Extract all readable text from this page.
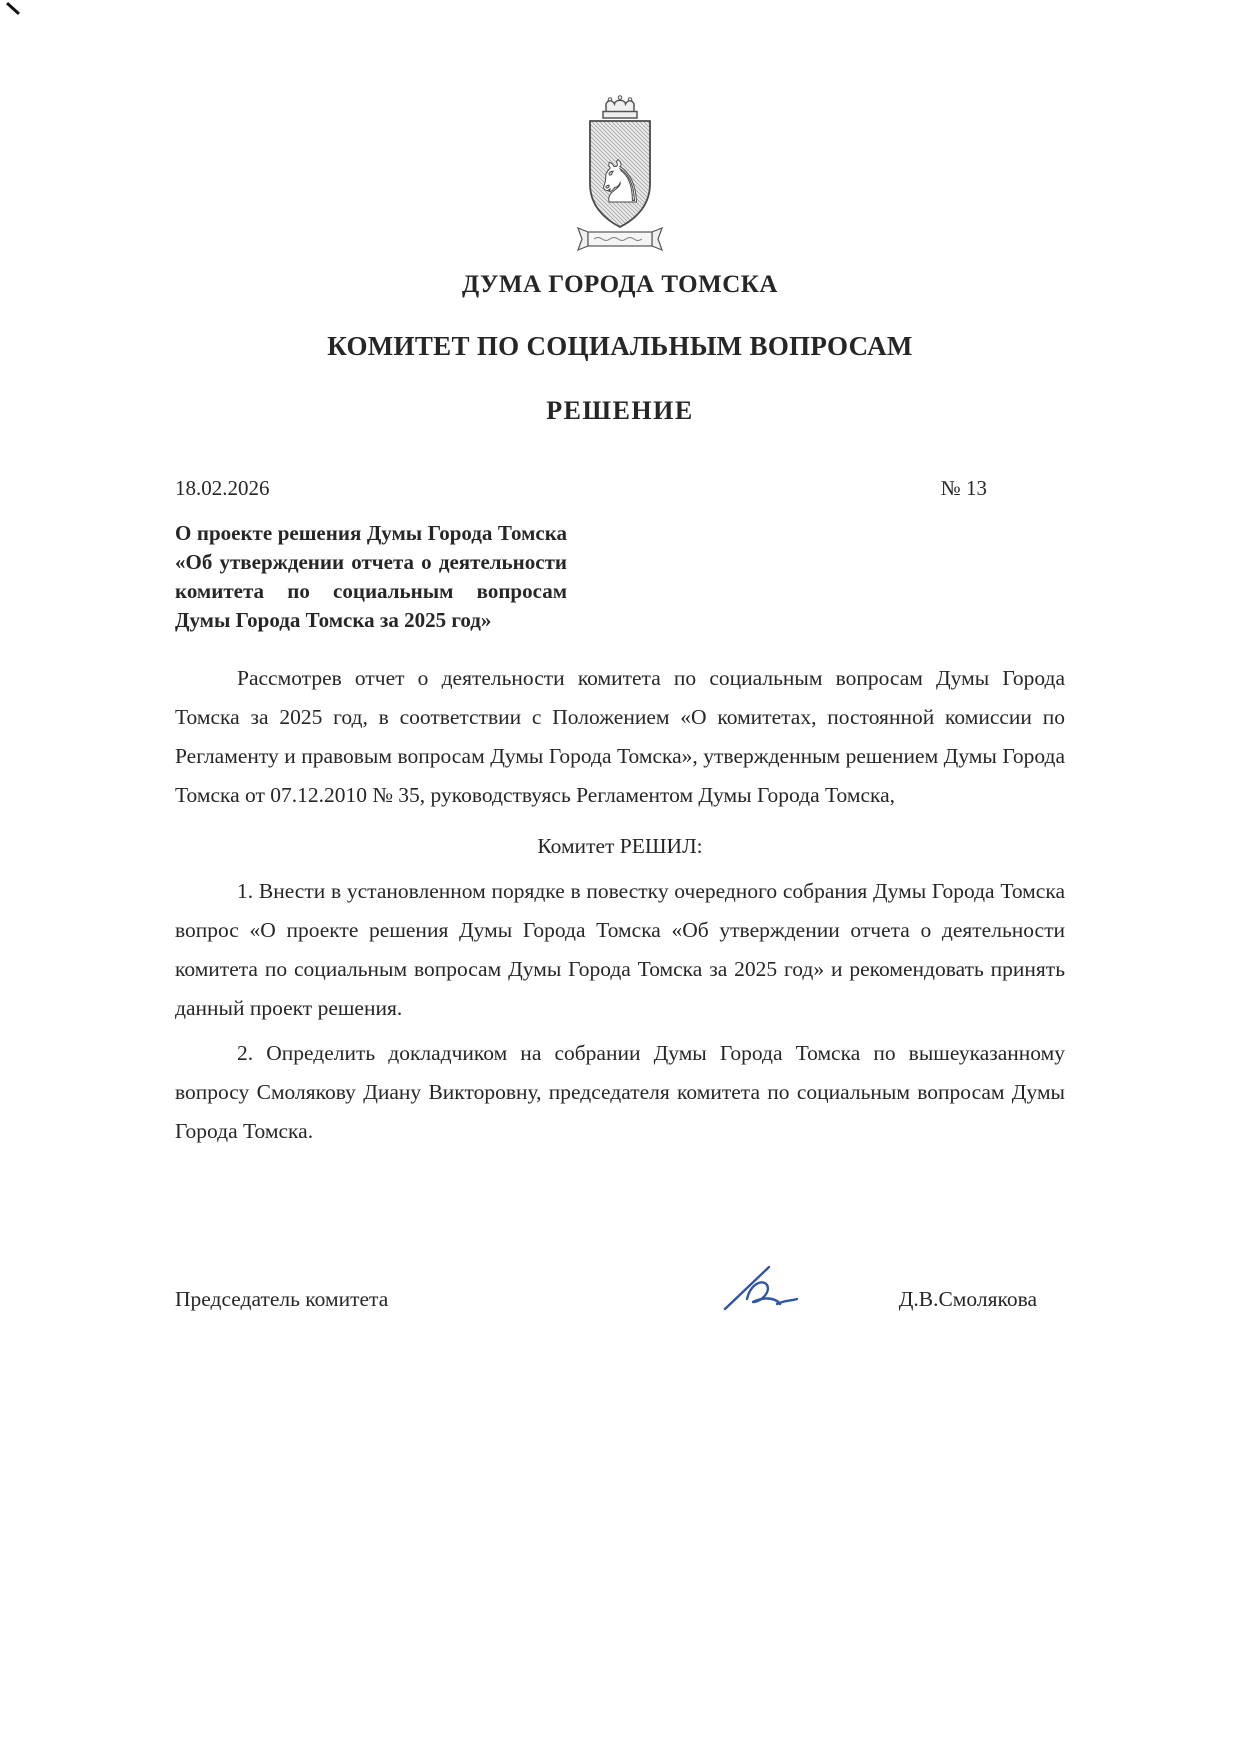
♞
ДУМА ГОРОДА ТОМСКА
КОМИТЕТ ПО СОЦИАЛЬНЫМ ВОПРОСАМ
РЕШЕНИЕ
18.02.2026	№ 13
О проекте решения Думы Города Томска «Об утверждении отчета о деятельности комитета по социальным вопросам Думы Города Томска за 2025 год»

Рассмотрев отчет о деятельности комитета по социальным вопросам Думы Города Томска за 2025 год, в соответствии с Положением «О комитетах, постоянной комиссии по Регламенту и правовым вопросам Думы Города Томска», утвержденным решением Думы Города Томска от 07.12.2010 № 35, руководствуясь Регламентом Думы Города Томска,

Комитет РЕШИЛ:

1. Внести в установленном порядке в повестку очередного собрания Думы Города Томска вопрос «О проекте решения Думы Города Томска «Об утверждении отчета о деятельности комитета по социальным вопросам Думы Города Томска за 2025 год» и рекомендовать принять данный проект решения.

2. Определить докладчиком на собрании Думы Города Томска по вышеуказанному вопросу Смолякову Диану Викторовну, председателя комитета по социальным вопросам Думы Города Томска.

Председатель комитета	Д.В.Смолякова
